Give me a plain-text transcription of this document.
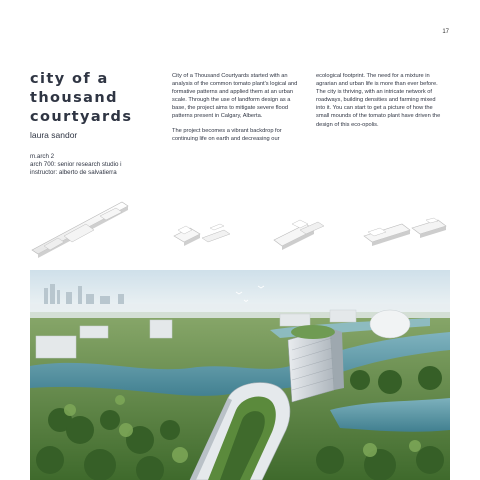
17
city of a
thousand
courtyards
laura sandor
m.arch 2
arch 700: senior research studio i
instructor: alberto de salvatierra

City of a Thousand Courtyards started with an analysis of the common tomato plant's logical and formative patterns and applied them at an urban scale. Through the use of landform design as a base, the project aims to mitigate severe flood patterns present in Calgary, Alberta.

The project becomes a vibrant backdrop for continuing life on earth and decreasing our

ecological footprint. The need for a mixture in agrarian and urban life is more than ever before. The city is thriving, with an intricate network of roadways, building densities and farming mixed into it. You can start to get a picture of how the small mounds of the tomato plant have driven the design of this eco-opolis.
